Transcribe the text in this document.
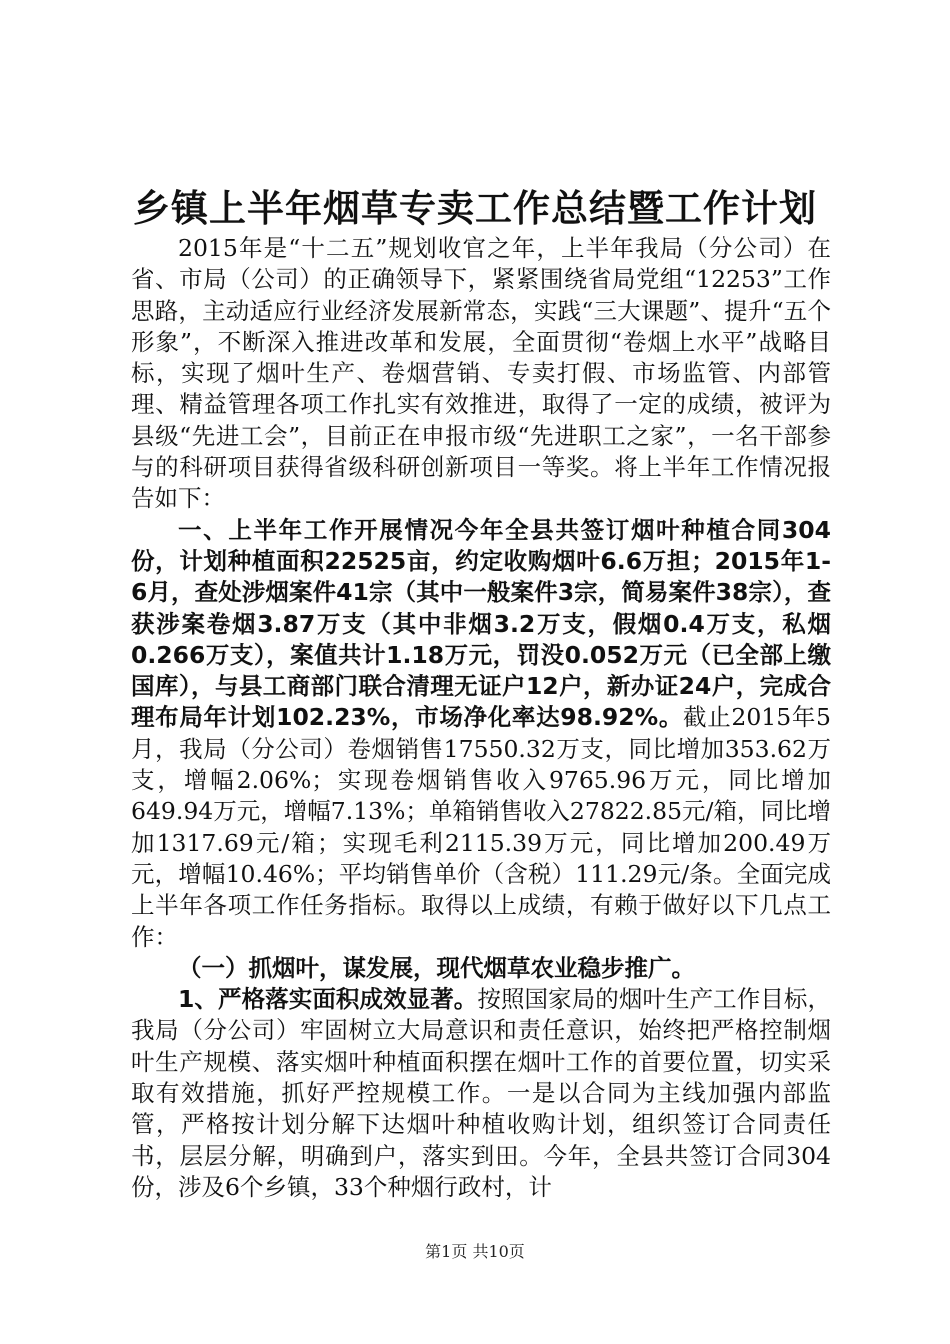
乡镇上半年烟草专卖工作总结暨工作计划

2015年是“十二五”规划收官之年，上半年我局（分公司）在省、市局（公司）的正确领导下，紧紧围绕省局党组“12253”工作思路，主动适应行业经济发展新常态，实践“三大课题”、提升“五个形象”，不断深入推进改革和发展，全面贯彻“卷烟上水平”战略目标，实现了烟叶生产、卷烟营销、专卖打假、市场监管、内部管理、精益管理各项工作扎实有效推进，取得了一定的成绩，被评为县级“先进工会”，目前正在申报市级“先进职工之家”，一名干部参与的科研项目获得省级科研创新项目一等奖。将上半年工作情况报告如下：

一、上半年工作开展情况今年全县共签订烟叶种植合同304份，计划种植面积22525亩，约定收购烟叶6.6万担；2015年1-6月，查处涉烟案件41宗（其中一般案件3宗，简易案件38宗），查获涉案卷烟3.87万支（其中非烟3.2万支，假烟0.4万支，私烟0.266万支），案值共计1.18万元，罚没0.052万元（已全部上缴国库），与县工商部门联合清理无证户12户，新办证24户，完成合理布局年计划102.23%，市场净化率达98.92%。截止2015年5月，我局（分公司）卷烟销售17550.32万支，同比增加353.62万支，增幅2.06%；实现卷烟销售收入9765.96万元，同比增加649.94万元，增幅7.13%；单箱销售收入27822.85元/箱，同比增加1317.69元/箱；实现毛利2115.39万元，同比增加200.49万元，增幅10.46%；平均销售单价（含税）111.29元/条。全面完成上半年各项工作任务指标。取得以上成绩，有赖于做好以下几点工作：

（一）抓烟叶，谋发展，现代烟草农业稳步推广。

1、严格落实面积成效显著。按照国家局的烟叶生产工作目标，我局（分公司）牢固树立大局意识和责任意识，始终把严格控制烟叶生产规模、落实烟叶种植面积摆在烟叶工作的首要位置，切实采取有效措施，抓好严控规模工作。一是以合同为主线加强内部监管，严格按计划分解下达烟叶种植收购计划，组织签订合同责任书，层层分解，明确到户，落实到田。今年，全县共签订合同304份，涉及6个乡镇，33个种烟行政村，计

第1页 共10页
